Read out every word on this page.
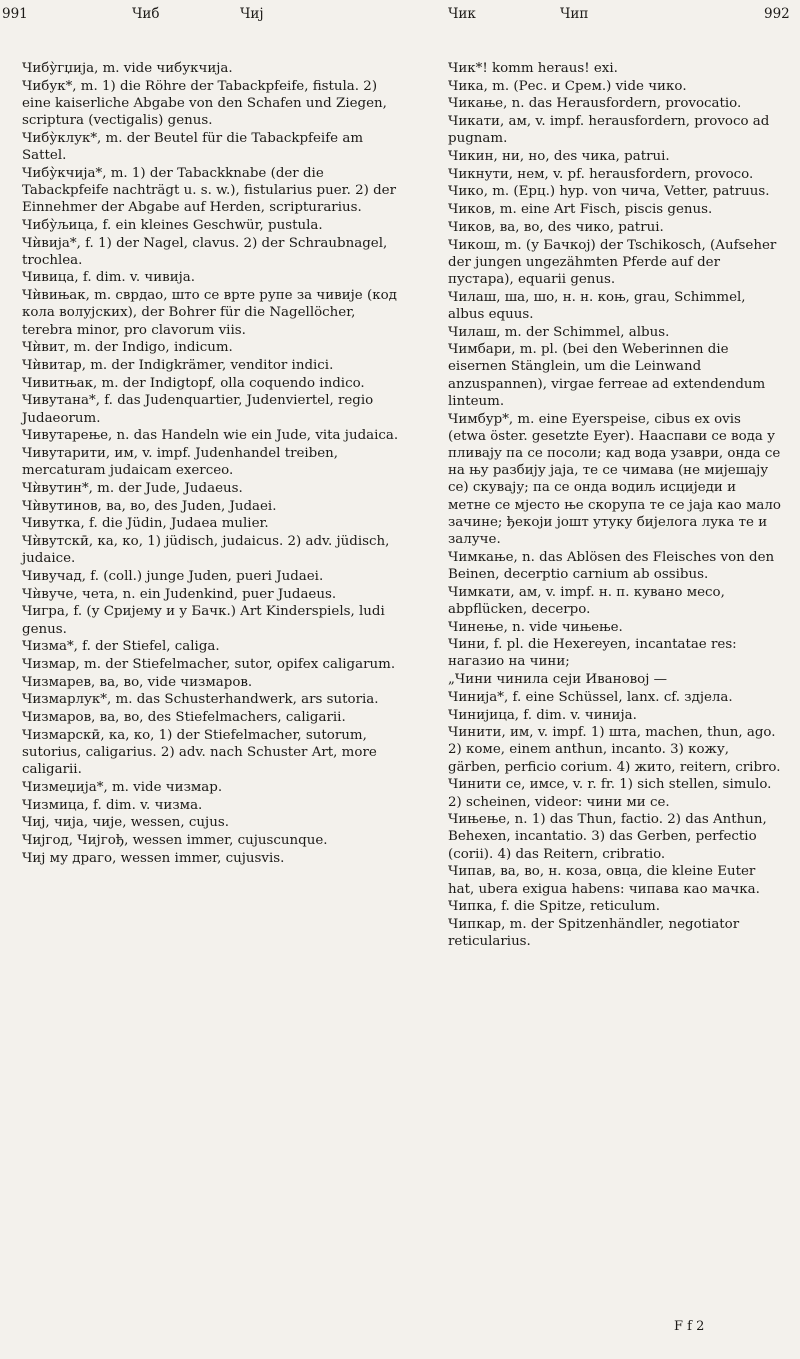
991	Чиб	Чиј	Чик	Чип	992
Чибу̀гџија, m. vide чибукчија.
Чибук*, m. 1) die Röhre der Tabackpfeife, fistula. 2) eine kaiserliche Abgabe von den Schafen und Ziegen, scriptura (vectigalis) genus.
Чибу̀клук*, m. der Beutel für die Tabackpfeife am Sattel.
Чибу̀кчија*, m. 1) der Tabackknabe (der die Tabackpfeife nachträgt u. s. w.), fistularius puer. 2) der Einnehmer der Abgabe auf Herden, scripturarius.
Чибу̀љица, f. ein kleines Geschwür, pustula.
Чѝвија*, f. 1) der Nagel, clavus. 2) der Schraubnagel, trochlea.
Чивица, f. dim. v. чивија.
Чѝвињак, m. сврдао, што се врте рупе за чивије (код кола волујских), der Bohrer für die Nagellöcher, terebra minor, pro clavorum viis.
Чѝвит, m. der Indigo, indicum.
Чѝвитар, m. der Indigkrämer, venditor indici.
Чивитњак, m. der Indigtopf, olla coquendo indico.
Чивутана*, f. das Judenquartier, Judenviertel, regio Judaeorum.
Чивутарење, n. das Handeln wie ein Jude, vita judaica.
Чивутарити, им, v. impf. Judenhandel treiben, mercaturam judaicam exerceo.
Чѝвутин*, m. der Jude, Judaeus.
Чѝвутинов, ва, во, des Juden, Judaei.
Чивутка, f. die Jüdin, Judaea mulier.
Чѝвутскӣ, ка, ко, 1) jüdisch, judaicus. 2) adv. jüdisch, judaice.
Чивучад, f. (coll.) junge Juden, pueri Judaei.
Чѝвуче, чета, n. ein Judenkind, puer Judaeus.
Чигра, f. (у Сријему и у Бачк.) Art Kinderspiels, ludi genus.
Чизма*, f. der Stiefel, caliga.
Чизмар, m. der Stiefelmacher, sutor, opifex caligarum.
Чизмарев, ва, во, vide чизмаров.
Чизмарлук*, m. das Schusterhandwerk, ars sutoria.
Чизмаров, ва, во, des Stiefelmachers, caligarii.
Чизмарскӣ, ка, ко, 1) der Stiefelmacher, sutorum, sutorius, caligarius. 2) adv. nach Schuster Art, more caligarii.
Чизмеџија*, m. vide чизмар.
Чизмица, f. dim. v. чизма.
Чиј, чија, чије, wessen, cujus.
Чијгод, Чијгођ, wessen immer, cujuscunque.
Чиј му драго, wessen immer, cujusvis.
Чик*! komm heraus! exi.
Чика, m. (Рес. и Срем.) vide чико.
Чикање, n. das Herausfordern, provocatio.
Чикати, ам, v. impf. herausfordern, provoco ad pugnam.
Чикин, ни, но, des чика, patrui.
Чикнути, нем, v. pf. herausfordern, provoco.
Чико, m. (Ерц.) hyp. von чича, Vetter, patruus.
Чиков, m. eine Art Fisch, piscis genus.
Чиков, ва, во, des чико, patrui.
Чикош, m. (у Бачкој) der Tschikosch, (Aufseher der jungen ungezähmten Pferde auf der пустара), equarii genus.
Чилаш, ша, шо, н. н. коњ, grau, Schimmel, albus equus.
Чилаш, m. der Schimmel, albus.
Чимбари, m. pl. (bei den Weberinnen die eisernen Stänglein, um die Leinwand anzuspannen), virgae ferreae ad extendendum linteum.
Чимбур*, m. eine Eyerspeise, cibus ex ovis (etwa öster. gesetzte Eyer). Нааспави се вода у пливају па се посоли; кад вода узаври, онда се на њу разбију јаја, те се чимава (не мијешају се) скувају; па се онда водиљ исциједи и метне се мјесто ње скорупа те се јаја као мало зачине; ђекоји јошт утуку бијелога лука те и залуче.
Чимкање, n. das Ablösen des Fleisches von den Beinen, decerptio carnium ab ossibus.
Чимкати, ам, v. impf. н. п. кувано месо, abpflücken, decerpo.
Чинење, n. vide чињење.
Чини, f. pl. die Hexereyen, incantatae res: нагазио на чини;
„Чини чинила сеји Ивановој —
Чинија*, f. eine Schüssel, lanx. cf. здјела.
Чинијица, f. dim. v. чинија.
Чинити, им, v. impf. 1) шта, machen, thun, ago. 2) коме, einem anthun, incanto. 3) кожу, gärben, perficio corium. 4) жито, reitern, cribro.
Чинити се, имсе, v. r. fr. 1) sich stellen, simulo. 2) scheinen, videor: чини ми се.
Чињење, n. 1) das Thun, factio. 2) das Anthun, Behexen, incantatio. 3) das Gerben, perfectio (corii). 4) das Reitern, cribratio.
Чипав, ва, во, н. коза, овца, die kleine Euter hat, ubera exigua habens: чипава као мачка.
Чипка, f. die Spitze, reticulum.
Чипкар, m. der Spitzenhändler, negotiator reticularius.
F f 2
